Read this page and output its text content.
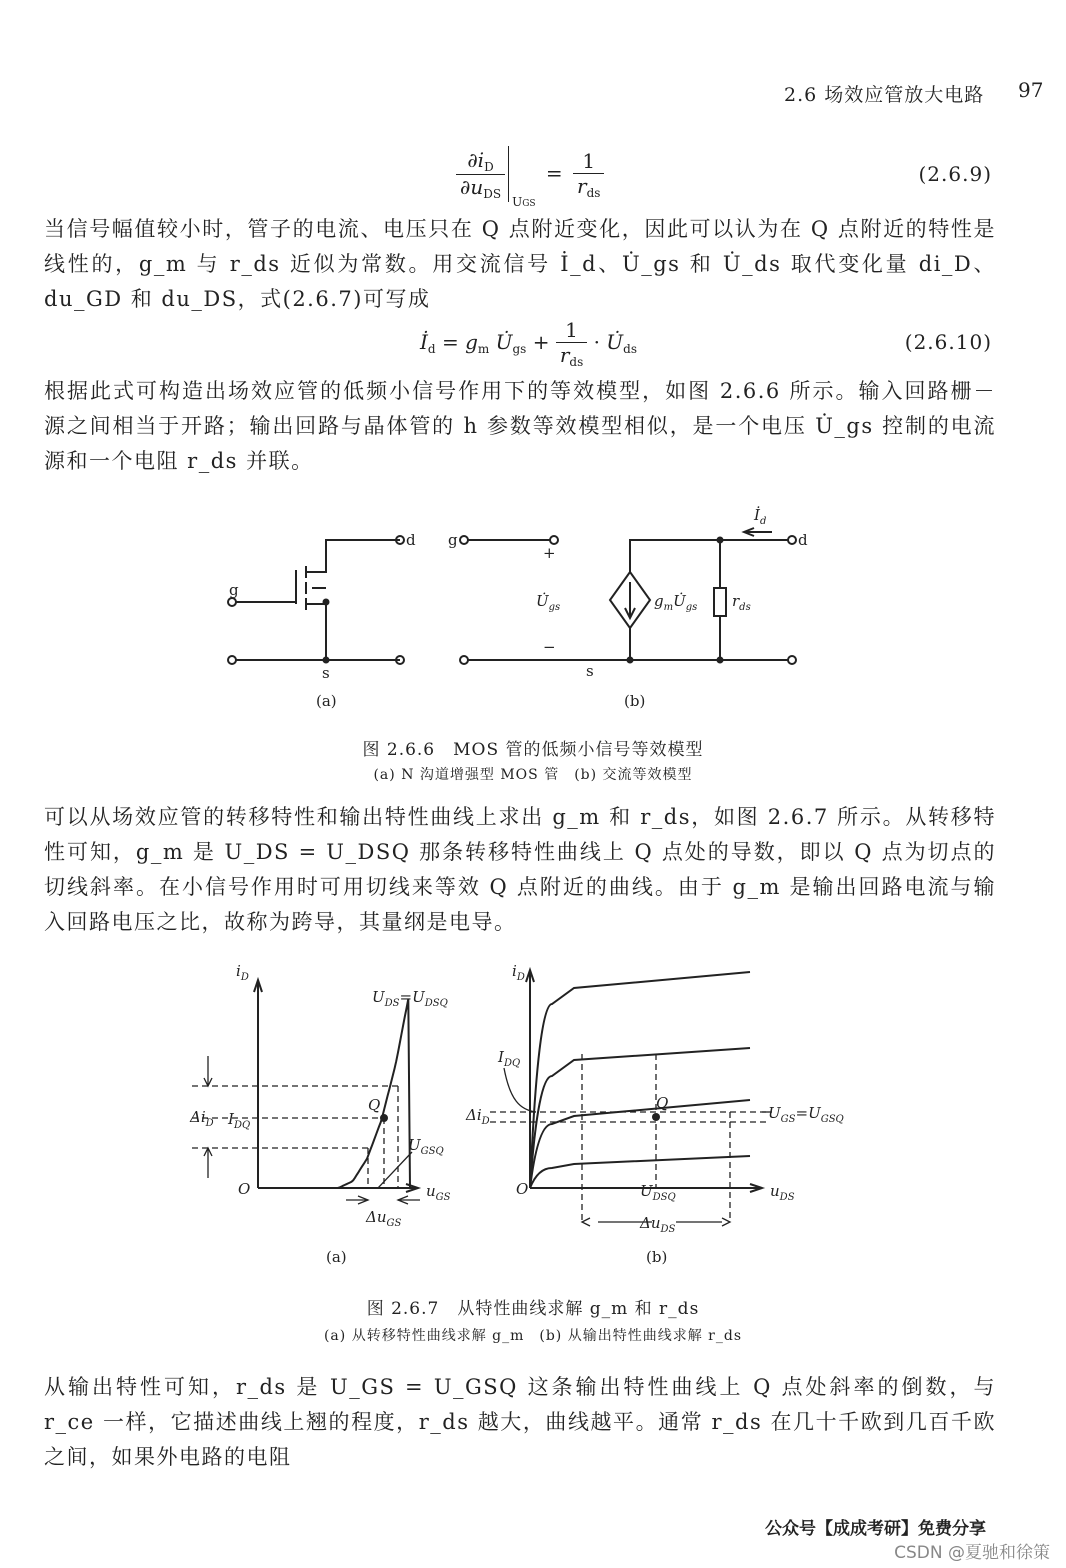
2.6 场效应管放大电路 97
$\frac{\partial i_D}{\partial u_{DS}}$
$_{UGS} = \frac{1}{r_{ds}}$	(2.6.9)
当信号幅值较小时，管子的电流、电压只在 Q 点附近变化，因此可以认为在 Q 点附近的特性是线性的，g_m 与 r_ds 近似为常数。用交流信号 İ_d、U̇_gs 和 U̇_ds 取代变化量 di_D、du_GD 和 du_DS，式(2.6.7)可写成
$İ_d = g_m$ $U̇_{gs} + \frac{1}{r_{ds}}$ · $U̇_{ds}$	(2.6.10)
根据此式可构造出场效应管的低频小信号作用下的等效模型，如图 2.6.6 所示。输入回路栅－源之间相当于开路；输出回路与晶体管的 h 参数等效模型相似，是一个电压 U̇_gs 控制的电流源和一个电阻 r_ds 并联。
g
d
s
g	d
s
+
−
$U̇_{gs}$	$g_mU̇_{gs}$ $r_{ds}$
$İ_d$
(a)	(b)
图 2.6.6　MOS 管的低频小信号等效模型
(a) N 沟道增强型 MOS 管　(b) 交流等效模型
可以从场效应管的转移特性和输出特性曲线上求出 g_m 和 r_ds，如图 2.6.7 所示。从转移特性可知，g_m 是 U_DS = U_DSQ 那条转移特性曲线上 Q 点处的导数，即以 Q 点为切点的切线斜率。在小信号作用时可用切线来等效 Q 点附近的曲线。由于 g_m 是输出回路电流与输入回路电压之比，故称为跨导，其量纲是电导。
$i_D$
$U_{DS}=U_{DSQ}$
$\Delta i_D$ $I_{DQ}$
Q
$U_{GSQ}$
O	$u_{GS}$
$\Delta u_{GS}$
$i_D$
$I_{DQ}$
$\Delta i_D$
Q
$U_{GS}=U_{GSQ}$
O	$U_{DSQ}$	$u_{DS}$
$\Delta u_{DS}$
(a)	(b)
图 2.6.7　从特性曲线求解 g_m 和 r_ds
(a) 从转移特性曲线求解 g_m　(b) 从输出特性曲线求解 r_ds
从输出特性可知，r_ds 是 U_GS = U_GSQ 这条输出特性曲线上 Q 点处斜率的倒数，与 r_ce 一样，它描述曲线上翘的程度，r_ds 越大，曲线越平。通常 r_ds 在几十千欧到几百千欧之间，如果外电路的电阻
公众号【成成考研】免费分享
CSDN @夏驰和徐策
